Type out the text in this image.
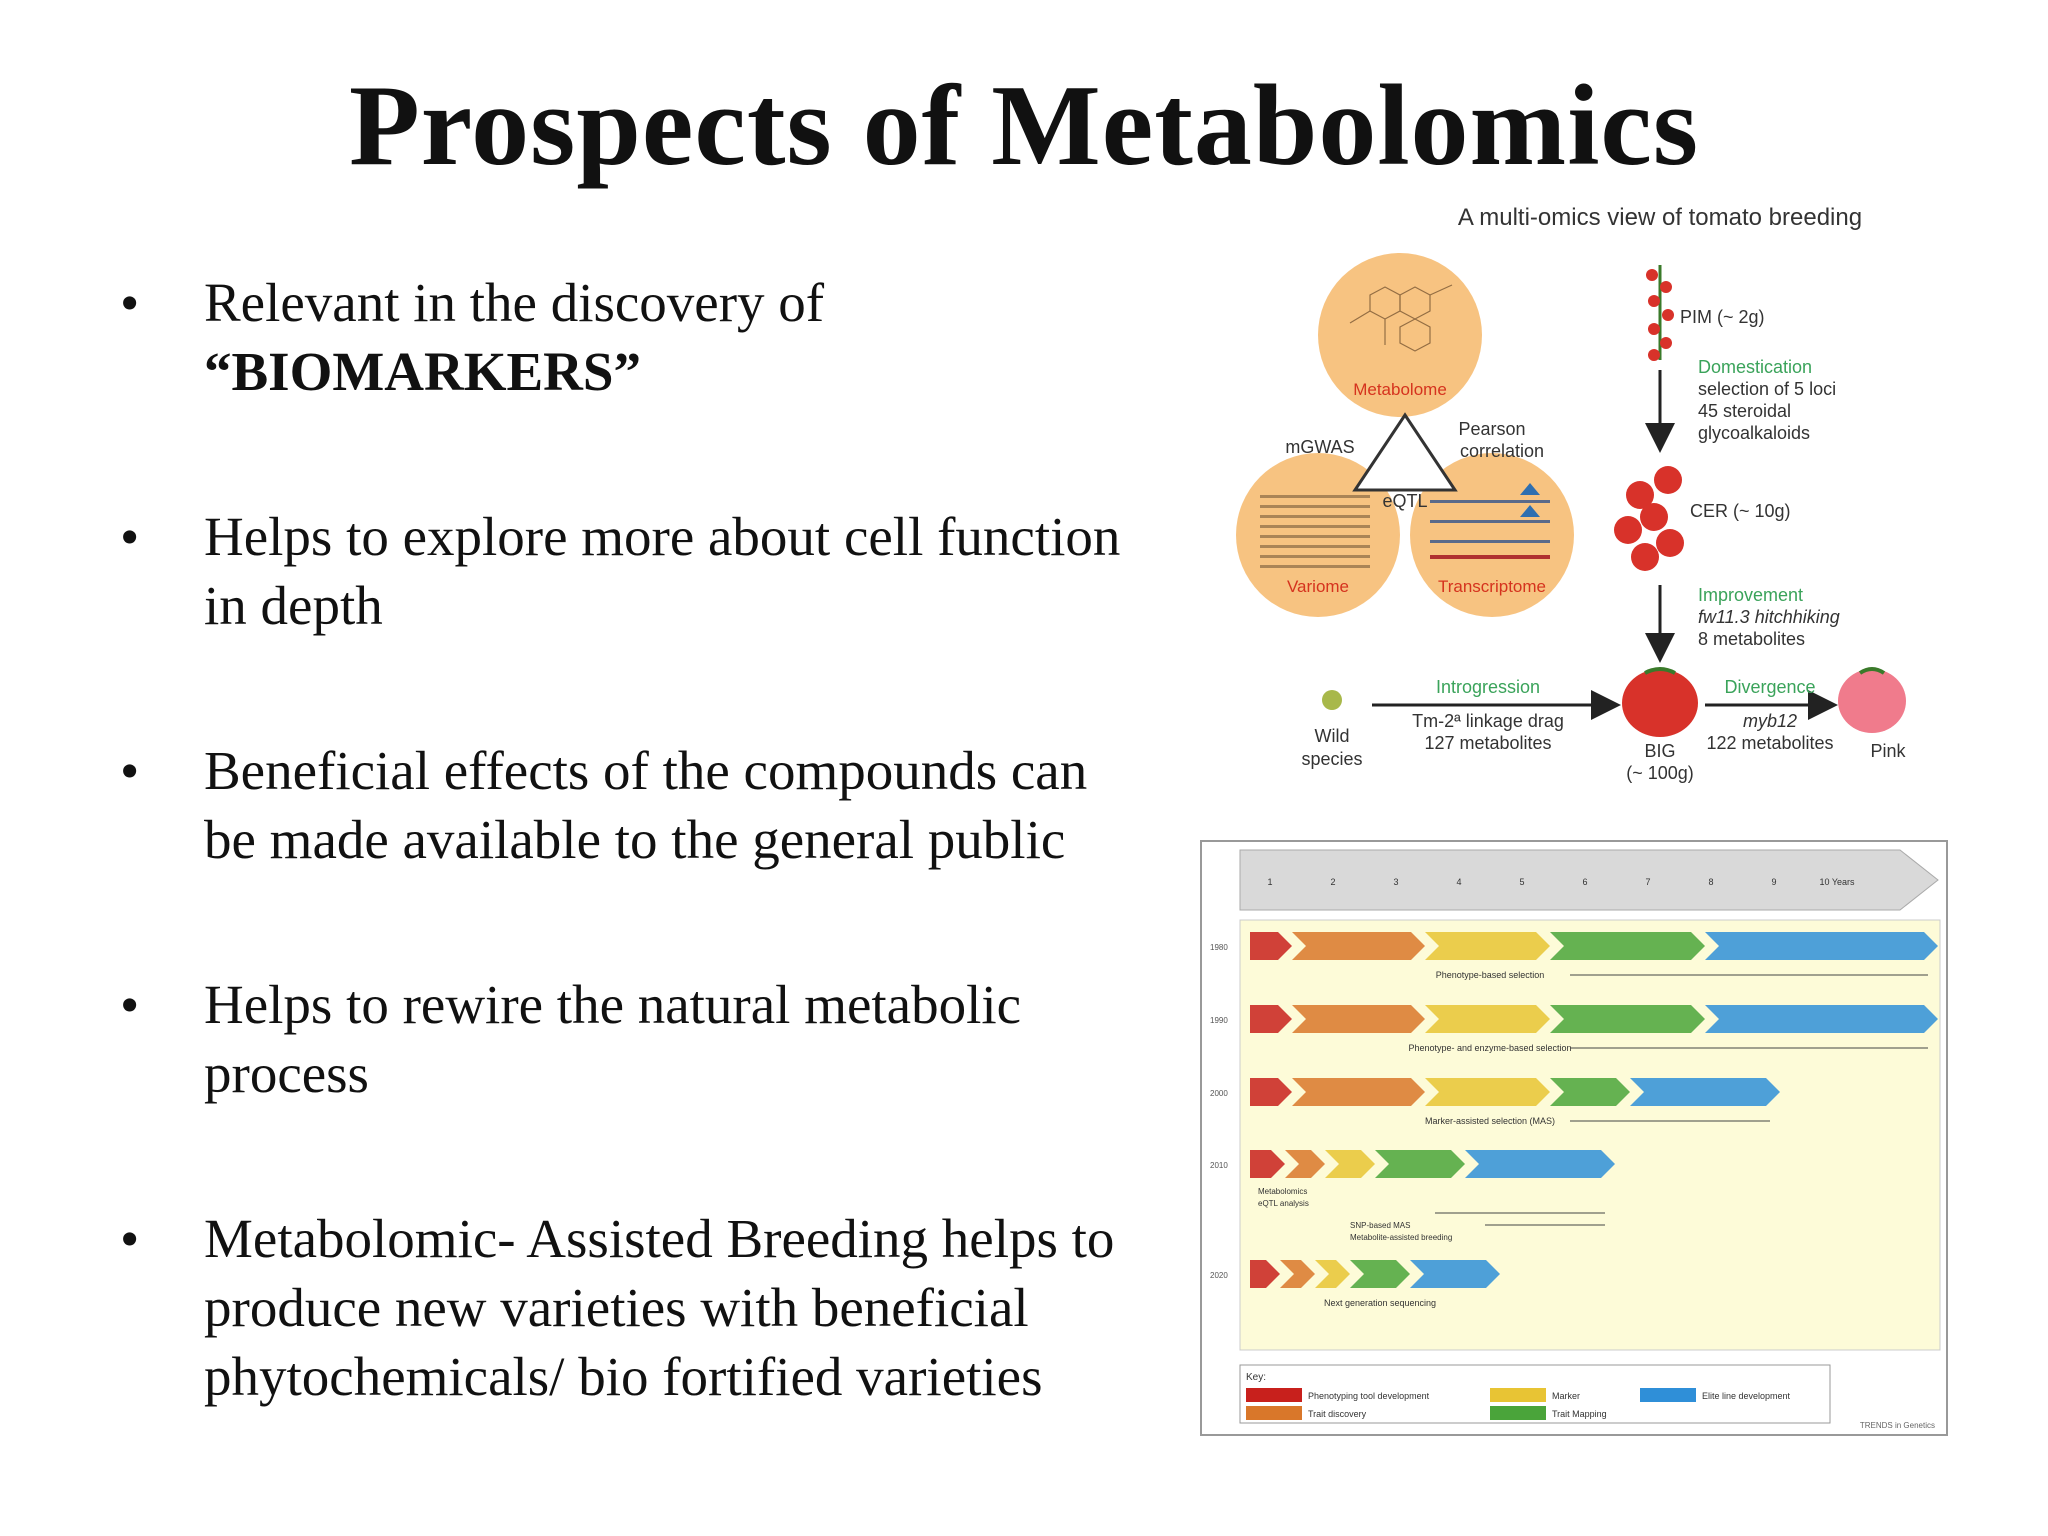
Prospects of Metabolomics
• Relevant in the discovery of
“BIOMARKERS”
• Helps to explore more about cell function
in depth
• Beneficial effects of the compounds can
be made available to the general public
• Helps to rewire the natural metabolic
process
• Metabolomic- Assisted Breeding helps to
produce new varieties with beneficial
phytochemicals/ bio fortified varieties
A multi-omics view of tomato breeding
Metabolome
Variome	Transcriptome
mGWAS
Pearson
correlation
eQTL
PIM (~ 2g)
Domestication
selection of 5 loci
45 steroidal
glycoalkaloids
CER (~ 10g)
Improvement
fw11.3 hitchhiking
8 metabolites
BIG
(~ 100g)
Pink
Wild
species
Introgression
Tm-2ª linkage drag
127 metabolites
Divergence
myb12
122 metabolites
1	2	3	4	5	6	7	8	9	10 Years
1980
Phenotype-based selection
1990
Phenotype- and enzyme-based selection
2000
Marker-assisted selection (MAS)
2010
Metabolomics
eQTL analysis
SNP-based MAS
Metabolite-assisted breeding
2020
Next generation sequencing
Key:
Phenotyping tool development
Trait discovery
Marker
Trait Mapping
Elite line development
TRENDS in Genetics
